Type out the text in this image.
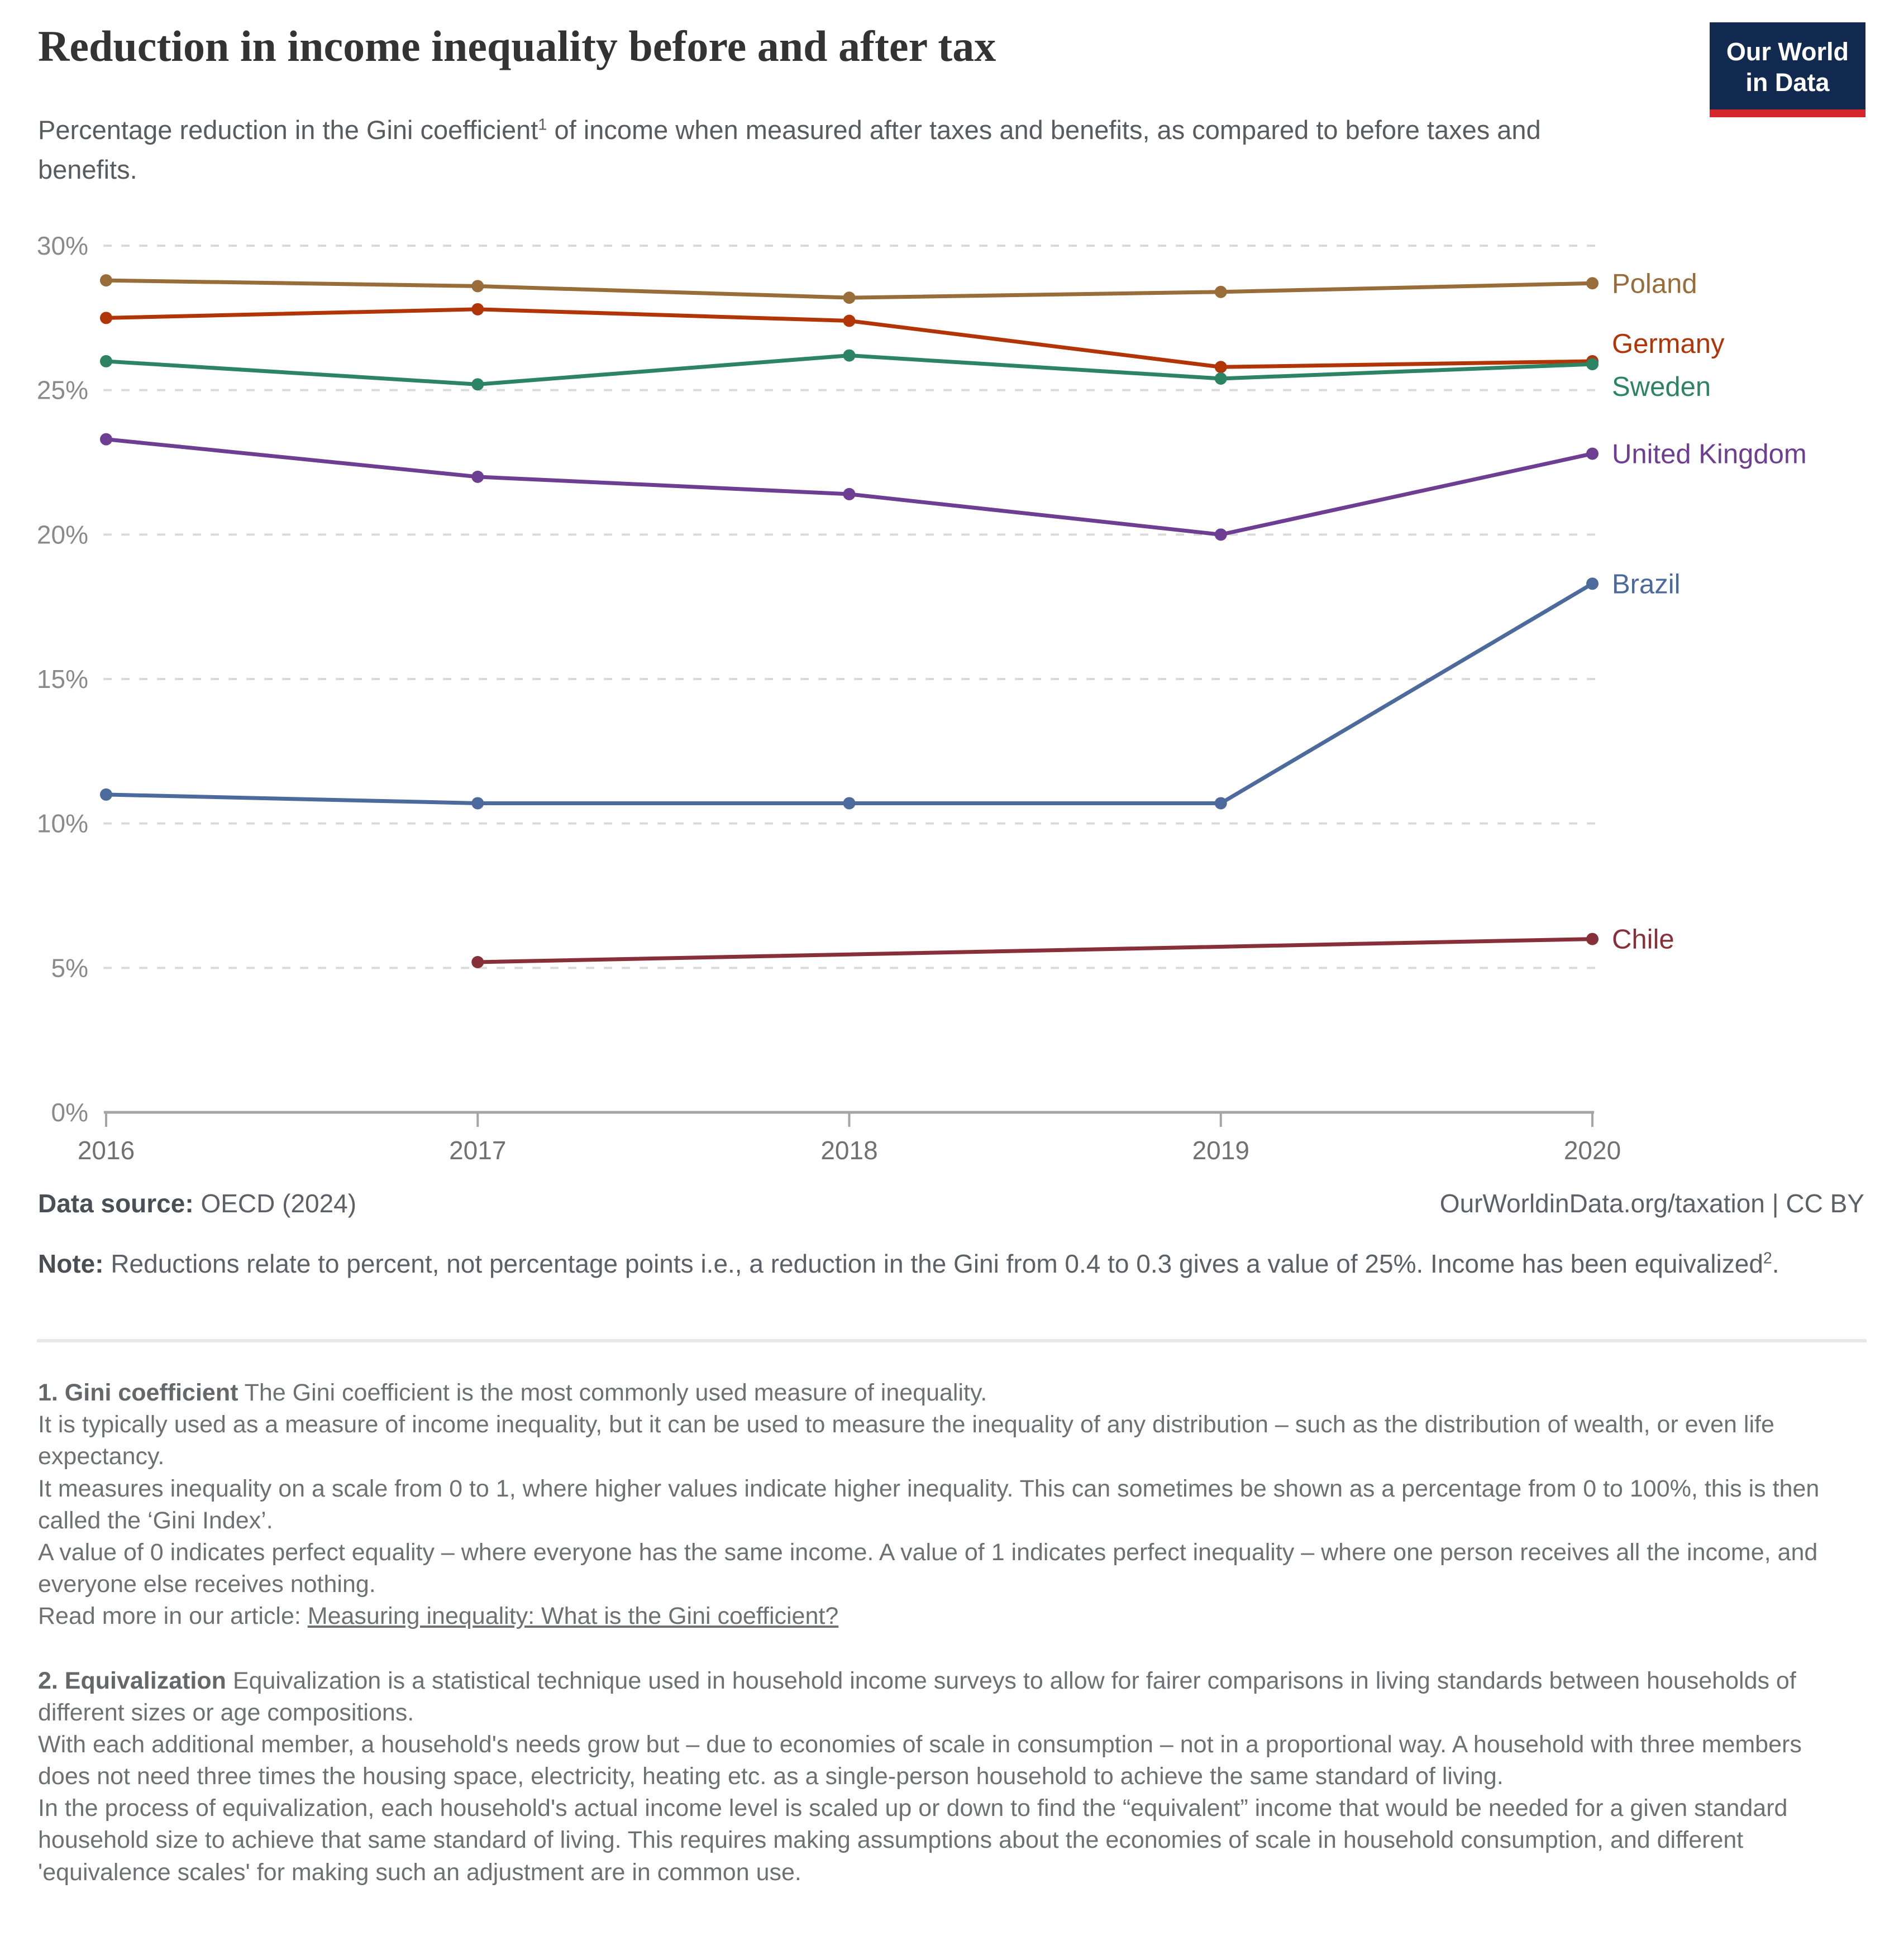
Reduction in income inequality before and after tax

Percentage reduction in the Gini coefficient$^1$ of income when measured after taxes and benefits, as compared to before taxes and benefits.

Our World
in Data
0%
5%
10%
15%
20%
25%
30%
2016	2017	2018	2019	2020
Poland
Germany
Sweden
United Kingdom
Brazil
Chile
Data source: OECD (2024)	OurWorldinData.org/taxation | CC BY
Note: Reductions relate to percent, not percentage points i.e., a reduction in the Gini from 0.4 to 0.3 gives a value of 25%. Income has been equivalized$^2$.

1. Gini coefficient The Gini coefficient is the most commonly used measure of inequality.

It is typically used as a measure of income inequality, but it can be used to measure the inequality of any distribution – such as the distribution of wealth, or even life expectancy.

It measures inequality on a scale from 0 to 1, where higher values indicate higher inequality. This can sometimes be shown as a percentage from 0 to 100%, this is then called the ‘Gini Index’.

A value of 0 indicates perfect equality – where everyone has the same income. A value of 1 indicates perfect inequality – where one person receives all the income, and everyone else receives nothing.

Read more in our article: Measuring inequality: What is the Gini coefficient?

2. Equivalization Equivalization is a statistical technique used in household income surveys to allow for fairer comparisons in living standards between households of different sizes or age compositions.

With each additional member, a household's needs grow but – due to economies of scale in consumption – not in a proportional way. A household with three members does not need three times the housing space, electricity, heating etc. as a single-person household to achieve the same standard of living.

In the process of equivalization, each household's actual income level is scaled up or down to find the “equivalent” income that would be needed for a given standard household size to achieve that same standard of living. This requires making assumptions about the economies of scale in household consumption, and different 'equivalence scales' for making such an adjustment are in common use.
